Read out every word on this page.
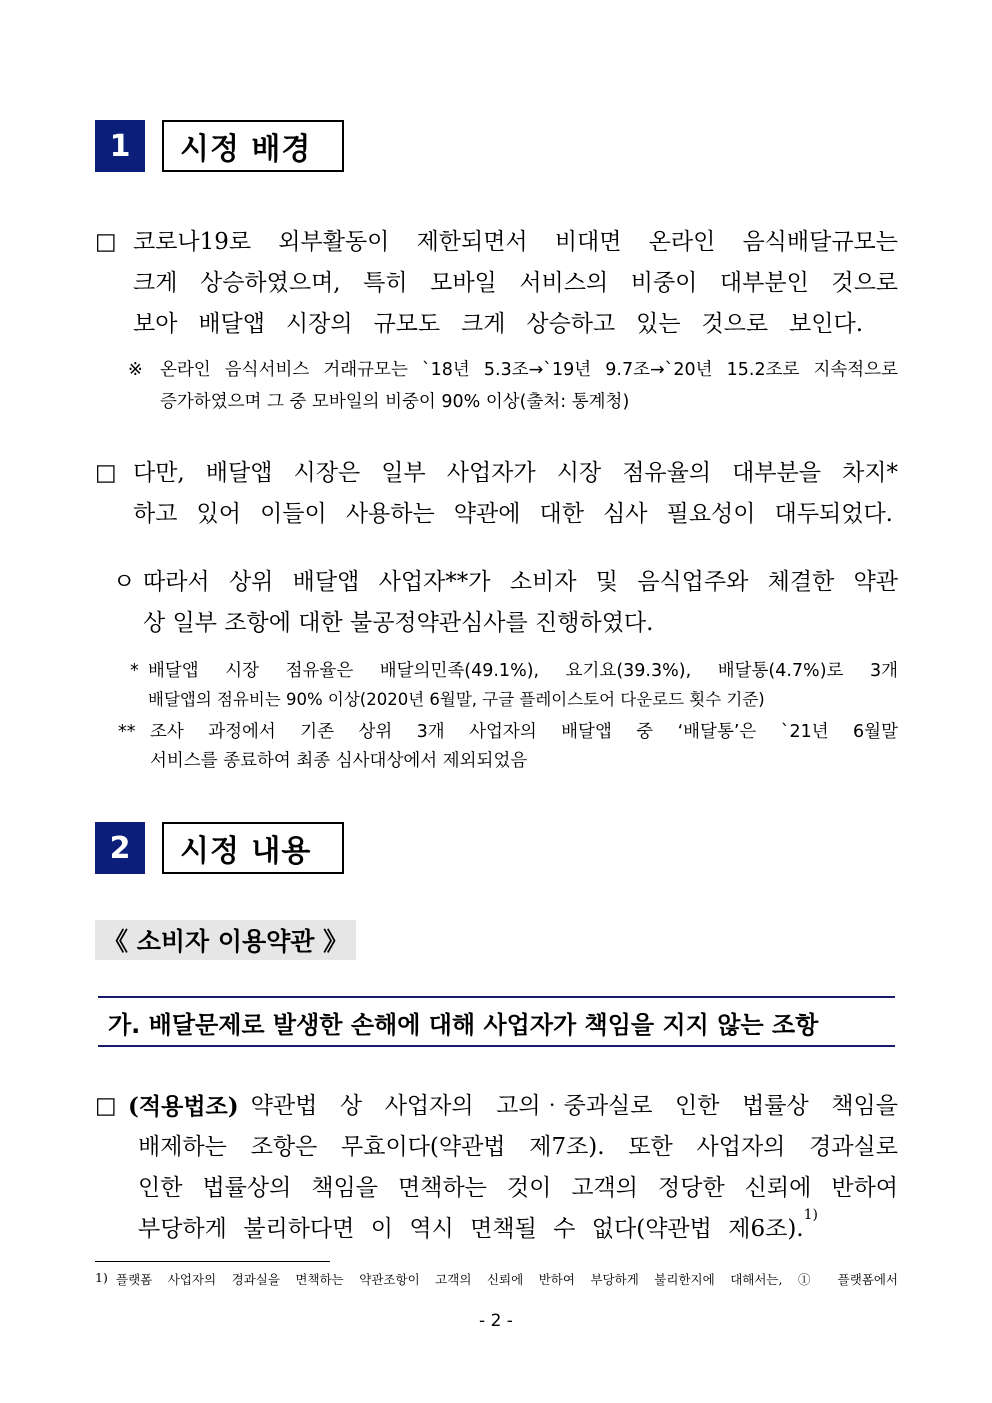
1	시정 배경
□ 코로나19로 외부활동이 제한되면서 비대면 온라인 음식배달규모는
크게 상승하였으며, 특히 모바일 서비스의 비중이 대부분인 것으로
보아 배달앱 시장의 규모도 크게 상승하고 있는 것으로 보인다.
※ 온라인 음식서비스 거래규모는 `18년 5.3조→`19년 9.7조→`20년 15.2조로 지속적으로
증가하였으며 그 중 모바일의 비중이 90% 이상(출처: 통계청)
□ 다만, 배달앱 시장은 일부 사업자가 시장 점유율의 대부분을 차지*
하고 있어 이들이 사용하는 약관에 대한 심사 필요성이 대두되었다.
ㅇ 따라서 상위 배달앱 사업자**가 소비자 및 음식업주와 체결한 약관
상 일부 조항에 대한 불공정약관심사를 진행하였다.
* 배달앱 시장 점유율은 배달의민족(49.1%), 요기요(39.3%), 배달통(4.7%)로 3개
배달앱의 점유비는 90% 이상(2020년 6월말, 구글 플레이스토어 다운로드 횟수 기준)
** 조사 과정에서 기존 상위 3개 사업자의 배달앱 중 ‘배달통’은 `21년 6월말
서비스를 종료하여 최종 심사대상에서 제외되었음
2	시정 내용
《 소비자 이용약관 》
가. 배달문제로 발생한 손해에 대해 사업자가 책임을 지지 않는 조항
□ (적용법조) 약관법 상 사업자의 고의‧중과실로 인한 법률상 책임을
배제하는 조항은 무효이다(약관법 제7조). 또한 사업자의 경과실로
인한 법률상의 책임을 면책하는 것이 고객의 정당한 신뢰에 반하여
부당하게 불리하다면 이 역시 면책될 수 없다(약관법 제6조).
1)
1) 플랫폼 사업자의 경과실을 면책하는 약관조항이 고객의 신뢰에 반하여 부당하게 불리한지에 대해서는, ① 플랫폼에서
- 2 -
